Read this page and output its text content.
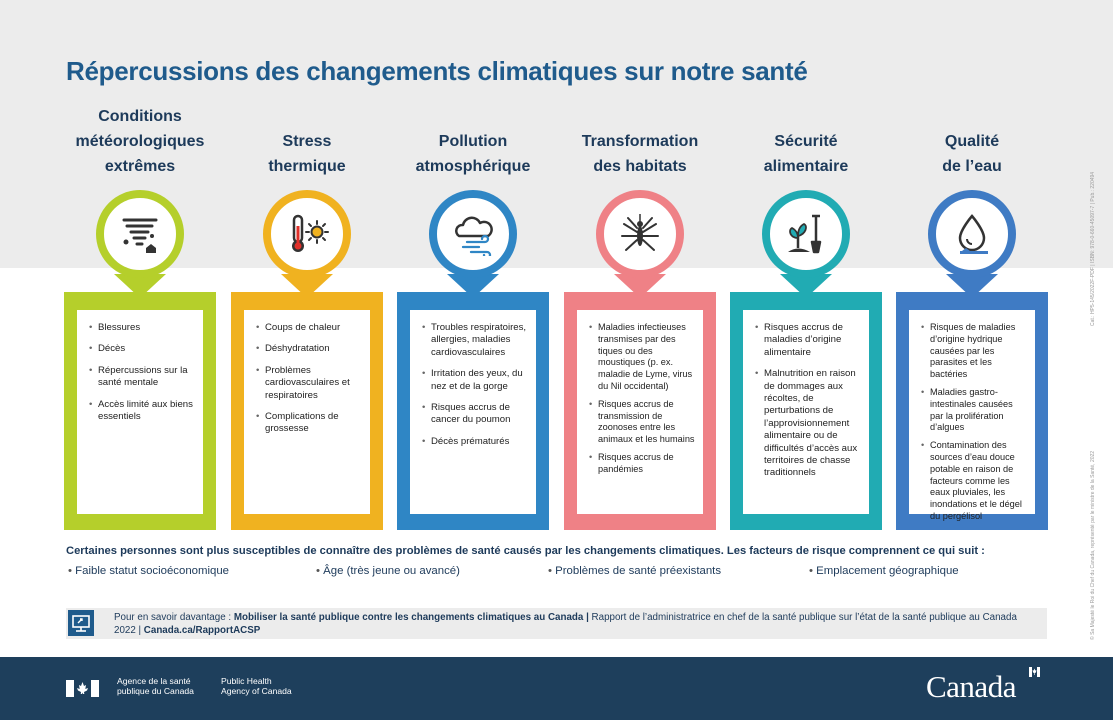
Répercussions des changements climatiques sur notre santé
Conditions
météorologiques
extrêmes
• Blessures
• Décès
• Répercussions sur la santé mentale
• Accès limité aux biens essentiels
Stress
thermique
• Coups de chaleur
• Déshydratation
• Problèmes cardiovasculaires et respiratoires
• Complications de grossesse
Pollution
atmosphérique
• Troubles respiratoires, allergies, maladies cardiovasculaires
• Irritation des yeux, du nez et de la gorge
• Risques accrus de cancer du poumon
• Décès prématurés
Transformation
des habitats
• Maladies infectieuses transmises par des tiques ou des moustiques (p. ex. maladie de Lyme, virus du Nil occidental)
• Risques accrus de transmission de zoonoses entre les animaux et les humains
• Risques accrus de pandémies
Sécurité
alimentaire
• Risques accrus de maladies d’origine alimentaire
• Malnutrition en raison de dommages aux récoltes, de perturbations de l’approvisionnement alimentaire ou de difficultés d’accès aux territoires de chasse traditionnels
Qualité
de l’eau
• Risques de maladies d’origine hydrique causées par les parasites et les bactéries
• Maladies gastro-intestinales causées par la prolifération d’algues
• Contamination des sources d’eau douce potable en raison de facteurs comme les eaux pluviales, les inondations et le dégel du pergélisol
Certaines personnes sont plus susceptibles de connaître des problèmes de santé causés par les changements climatiques. Les facteurs de risque comprennent ce qui suit :
• Faible statut socioéconomique	• Âge (très jeune ou avancé)	• Problèmes de santé préexistants	• Emplacement géographique
Pour en savoir davantage : Mobiliser la santé publique contre les changements climatiques au Canada | Rapport de l’administratrice en chef de la santé publique sur l’état de la santé publique au Canada 2022 | Canada.ca/RapportACSP
Cat.: HP5-145/2022F-PDF | ISBN: 978-0-660-45097-7 | Pub.: 220494
© Sa Majesté le Roi du Chef du Canada, représenté par le ministre de la Santé, 2022
Agence de la santé
publique du Canada
Public Health
Agency of Canada	Canada
